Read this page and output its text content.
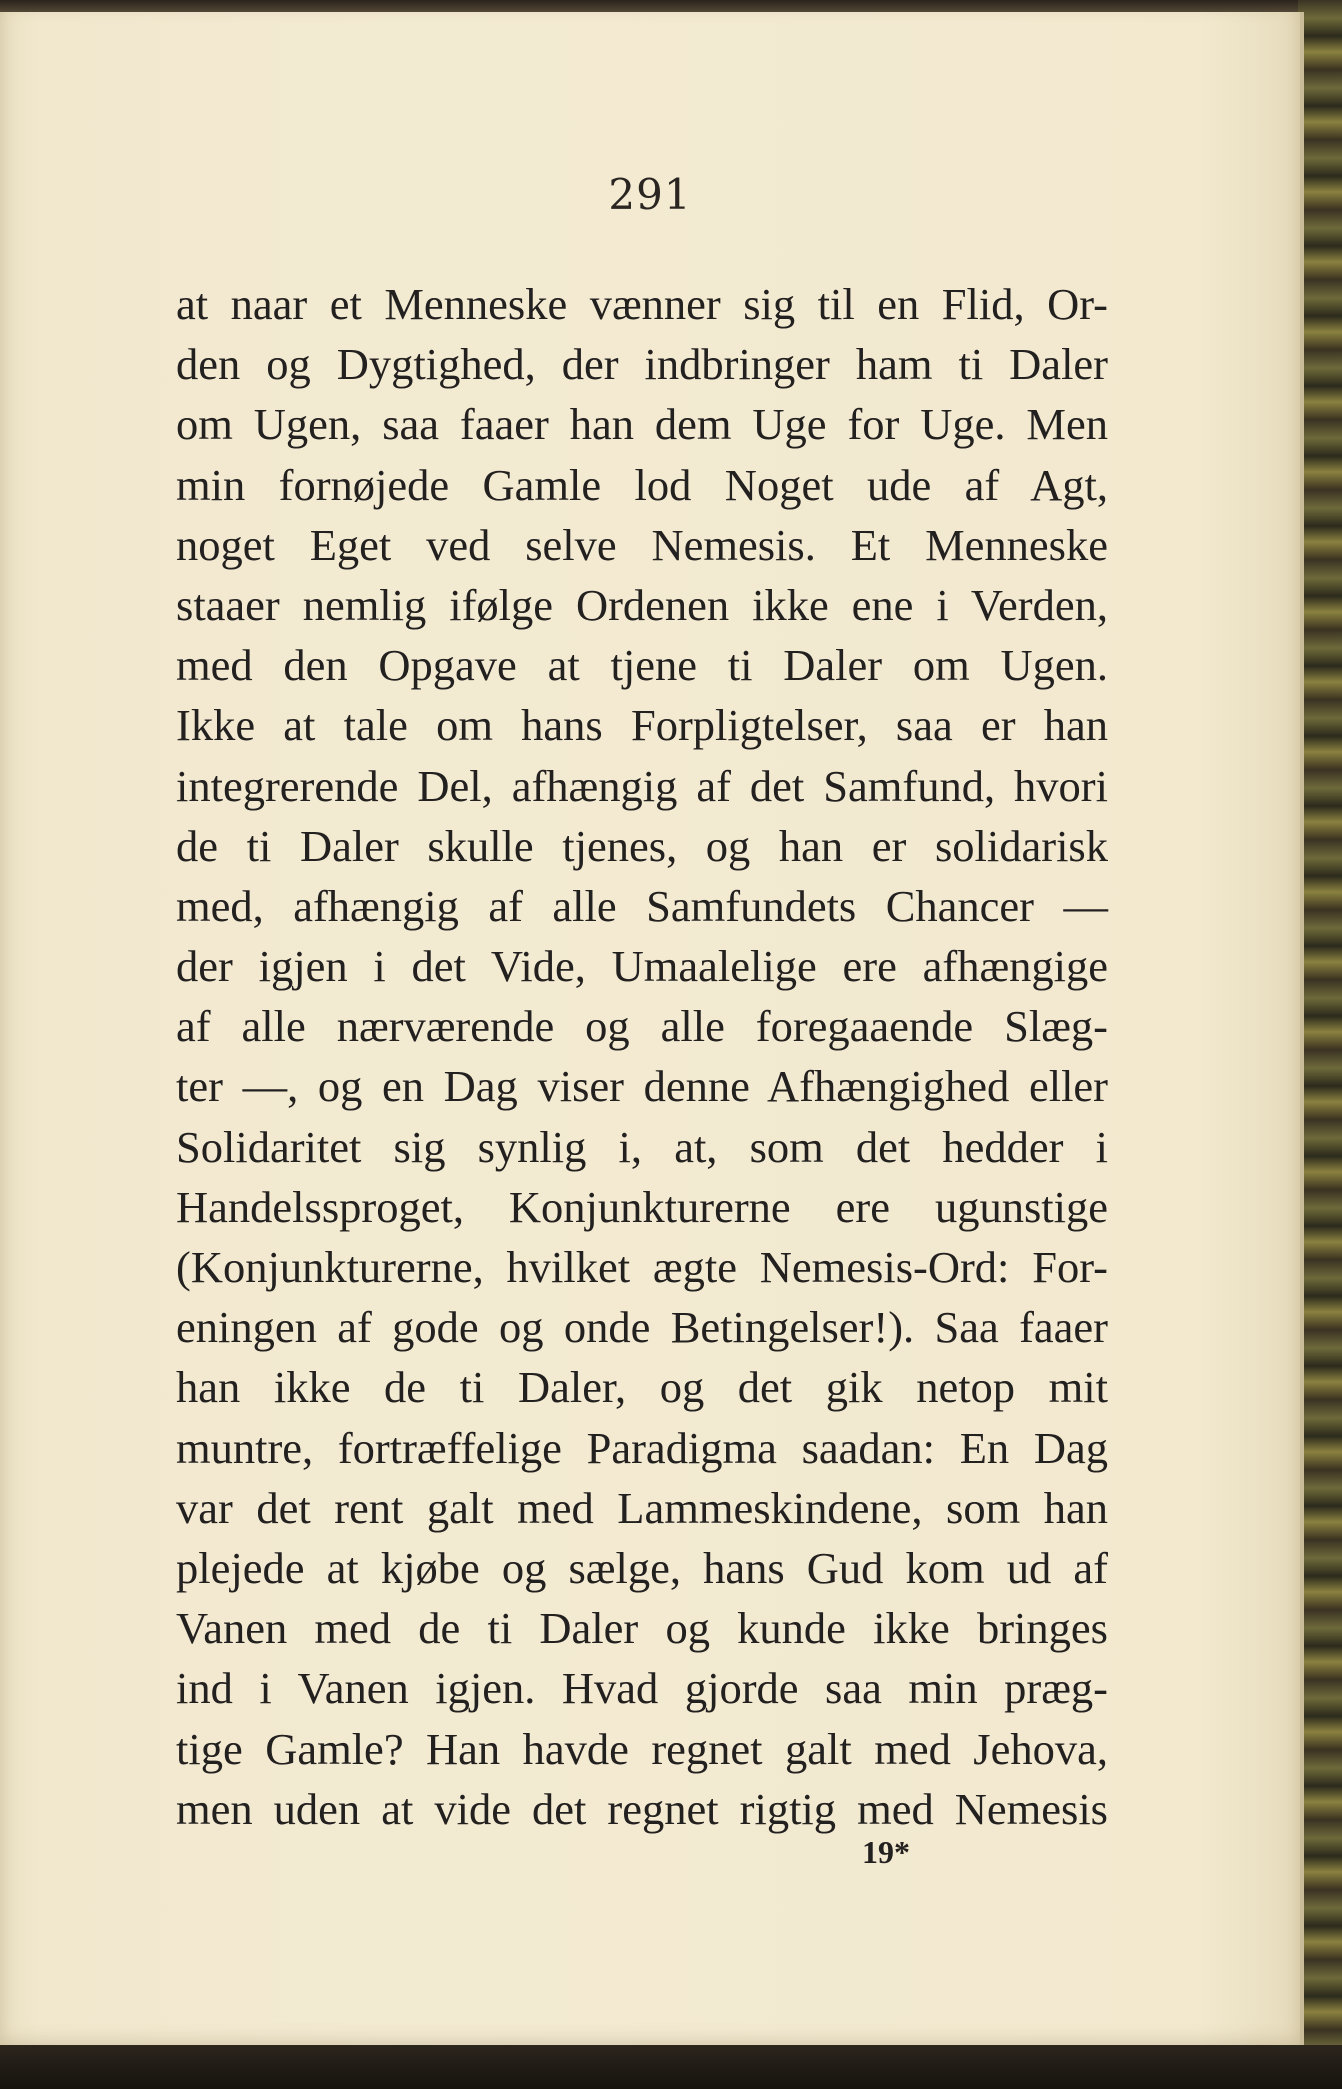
291
at naar et Menneske vænner sig til en Flid, Or-
den og Dygtighed, der indbringer ham ti Daler
om Ugen, saa faaer han dem Uge for Uge. Men
min fornøjede Gamle lod Noget ude af Agt,
noget Eget ved selve Nemesis. Et Menneske
staaer nemlig ifølge Ordenen ikke ene i Verden,
med den Opgave at tjene ti Daler om Ugen.
Ikke at tale om hans Forpligtelser, saa er han
integrerende Del, afhængig af det Samfund, hvori
de ti Daler skulle tjenes, og han er solidarisk
med, afhængig af alle Samfundets Chancer —
der igjen i det Vide, Umaalelige ere afhængige
af alle nærværende og alle foregaaende Slæg-
ter —, og en Dag viser denne Afhængighed eller
Solidaritet sig synlig i, at, som det hedder i
Handelssproget, Konjunkturerne ere ugunstige
(Konjunkturerne, hvilket ægte Nemesis-Ord: For-
eningen af gode og onde Betingelser!). Saa faaer
han ikke de ti Daler, og det gik netop mit
muntre, fortræffelige Paradigma saadan: En Dag
var det rent galt med Lammeskindene, som han
plejede at kjøbe og sælge, hans Gud kom ud af
Vanen med de ti Daler og kunde ikke bringes
ind i Vanen igjen. Hvad gjorde saa min præg-
tige Gamle? Han havde regnet galt med Jehova,
men uden at vide det regnet rigtig med Nemesis
19*
